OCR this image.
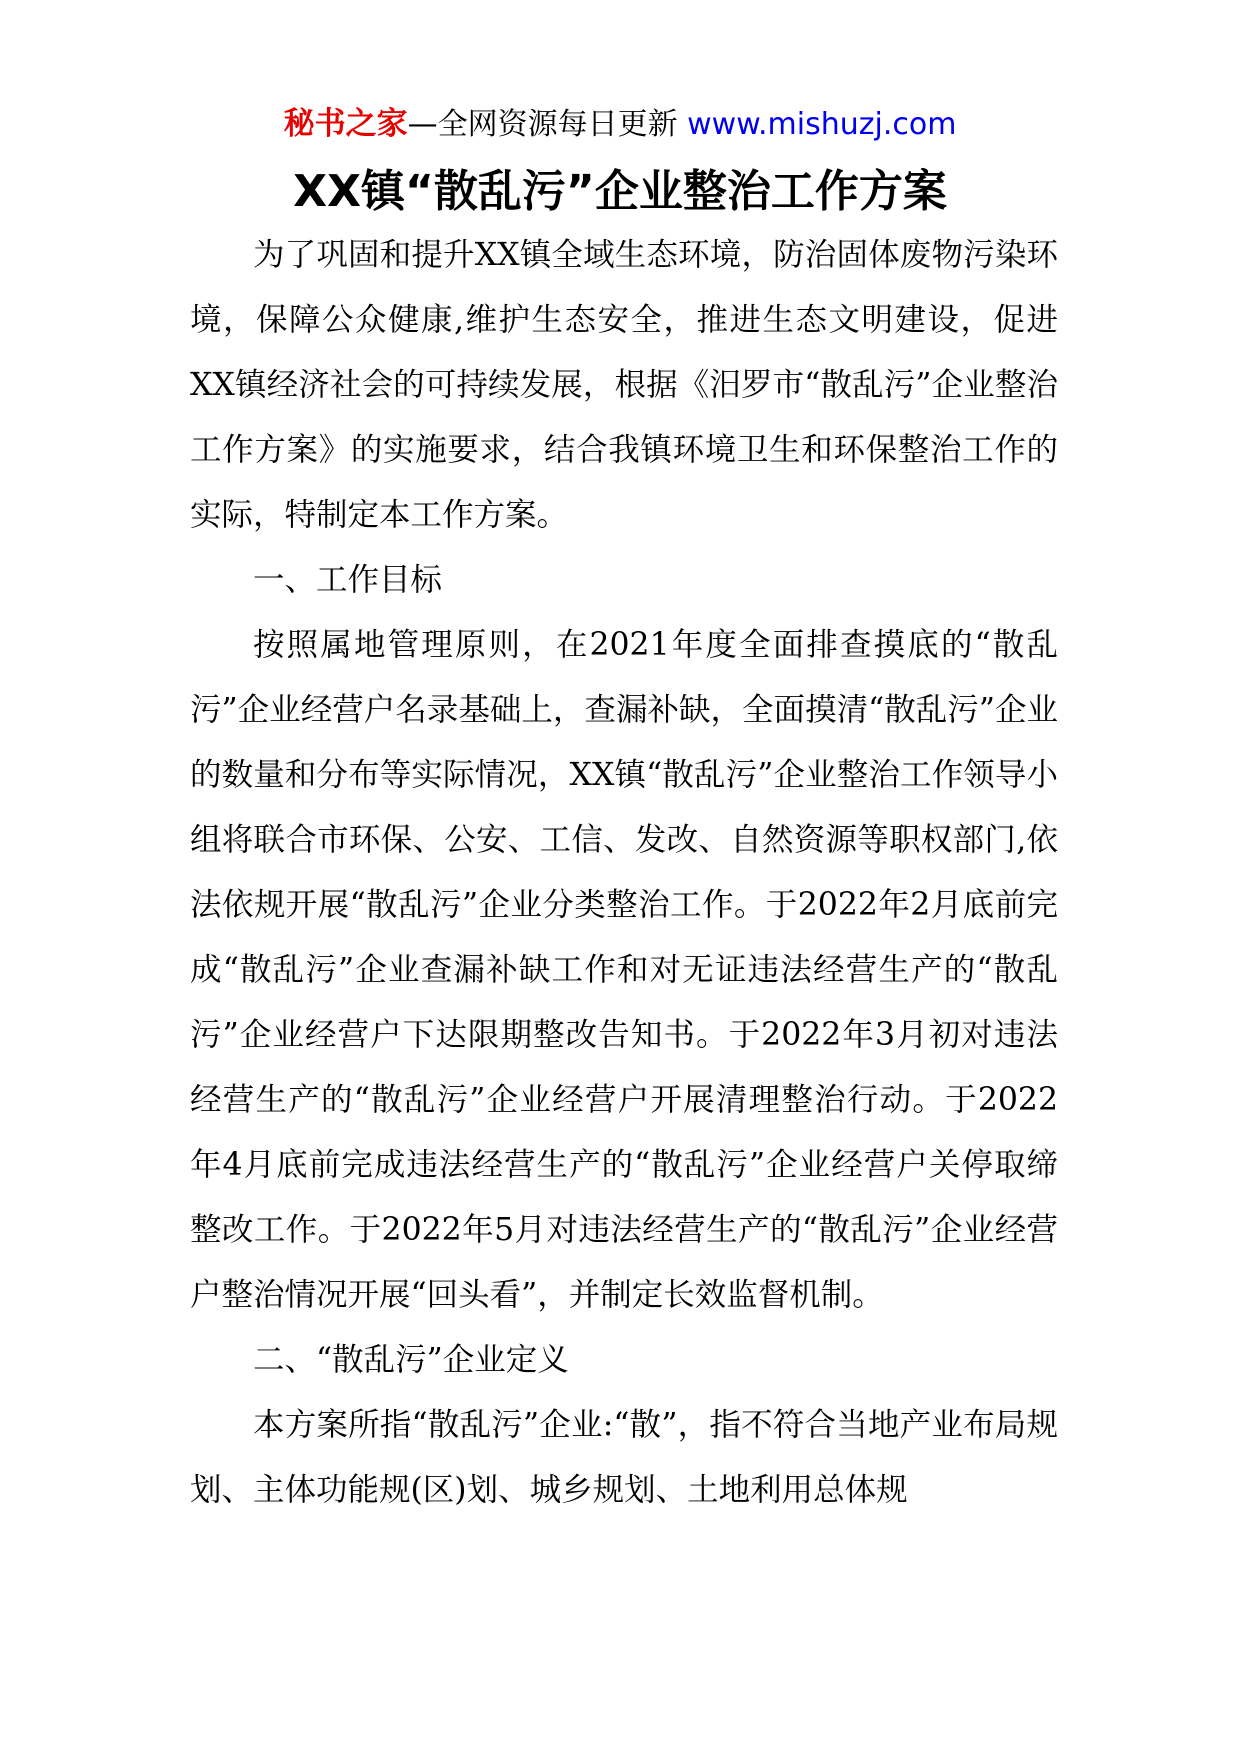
秘书之家—全网资源每日更新 www.mishuzj.com
XX镇“散乱污”企业整治工作方案

为了巩固和提升XX镇全域生态环境，防治固体废物污染环境，保障公众健康,维护生态安全，推进生态文明建设，促进XX镇经济社会的可持续发展，根据《汨罗市“散乱污”企业整治工作方案》的实施要求，结合我镇环境卫生和环保整治工作的实际，特制定本工作方案。

一、工作目标

按照属地管理原则，在2021年度全面排查摸底的“散乱污”企业经营户名录基础上，查漏补缺，全面摸清“散乱污”企业的数量和分布等实际情况，XX镇“散乱污”企业整治工作领导小组将联合市环保、公安、工信、发改、自然资源等职权部门,依法依规开展“散乱污”企业分类整治工作。于2022年2月底前完成“散乱污”企业查漏补缺工作和对无证违法经营生产的“散乱污”企业经营户下达限期整改告知书。于2022年3月初对违法经营生产的“散乱污”企业经营户开展清理整治行动。于2022年4月底前完成违法经营生产的“散乱污”企业经营户关停取缔整改工作。于2022年5月对违法经营生产的“散乱污”企业经营户整治情况开展“回头看”，并制定长效监督机制。

二、“散乱污”企业定义

本方案所指“散乱污”企业:“散”，指不符合当地产业布局规划、主体功能规(区)划、城乡规划、土地利用总体规
